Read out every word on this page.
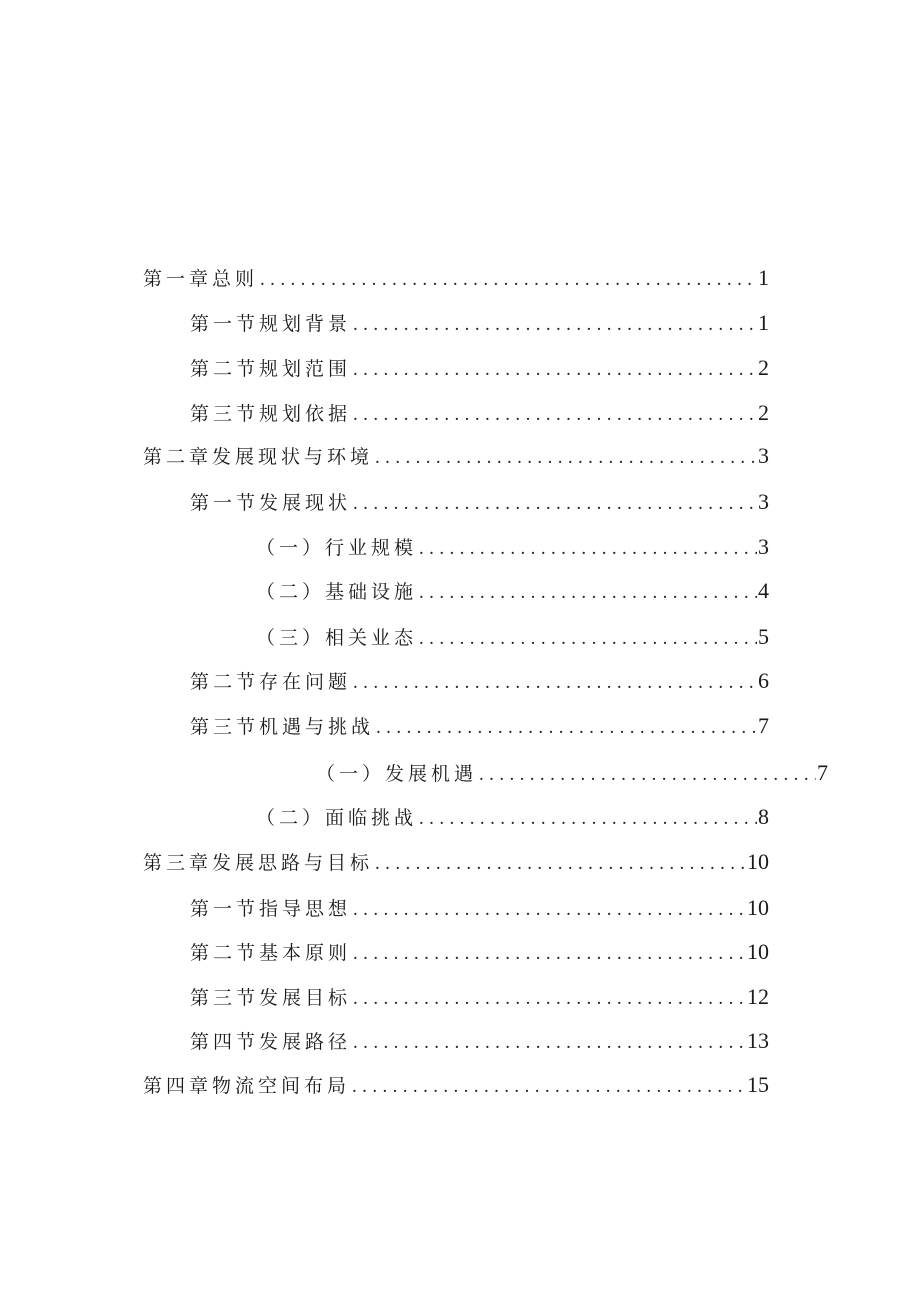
第一章总则 .....	1
第一节规划背景 .....	1
第二节规划范围 .....	2
第三节规划依据 .....	2
第二章发展现状与环境 .....	3
第一节发展现状 .....	3
（一）行业规模 .....	3
（二）基础设施 .....	4
（三）相关业态 .....	5
第二节存在问题 .....	6
第三节机遇与挑战 .....	7
（一）发展机遇 .....	7
（二）面临挑战 .....	8
第三章发展思路与目标 .....	10
第一节指导思想 .....	10
第二节基本原则 .....	10
第三节发展目标 .....	12
第四节发展路径 .....	13
第四章物流空间布局 .....	15
